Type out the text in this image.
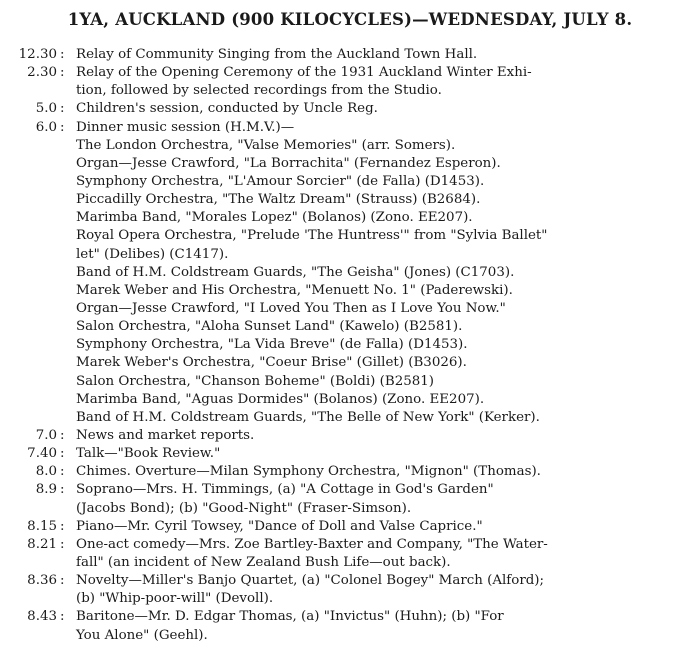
1YA, AUCKLAND (900 KILOCYCLES)—WEDNESDAY, JULY 8.
12.30 : Relay of Community Singing from the Auckland Town Hall.
2.30 : Relay of the Opening Ceremony of the 1931 Auckland Winter Exhi-
tion, followed by selected recordings from the Studio.
5.0 : Children's session, conducted by Uncle Reg.
6.0 : Dinner music session (H.M.V.)—
The London Orchestra, "Valse Memories" (arr. Somers).
Organ—Jesse Crawford, "La Borrachita" (Fernandez Esperon).
Symphony Orchestra, "L'Amour Sorcier" (de Falla) (D1453).
Piccadilly Orchestra, "The Waltz Dream" (Strauss) (B2684).
Marimba Band, "Morales Lopez" (Bolanos) (Zono. EE207).
Royal Opera Orchestra, "Prelude 'The Huntress'" from "Sylvia Ballet"
let" (Delibes) (C1417).
Band of H.M. Coldstream Guards, "The Geisha" (Jones) (C1703).
Marek Weber and His Orchestra, "Menuett No. 1" (Paderewski).
Organ—Jesse Crawford, "I Loved You Then as I Love You Now."
Salon Orchestra, "Aloha Sunset Land" (Kawelo) (B2581).
Symphony Orchestra, "La Vida Breve" (de Falla) (D1453).
Marek Weber's Orchestra, "Coeur Brise" (Gillet) (B3026).
Salon Orchestra, "Chanson Boheme" (Boldi) (B2581)
Marimba Band, "Aguas Dormides" (Bolanos) (Zono. EE207).
Band of H.M. Coldstream Guards, "The Belle of New York" (Kerker).
7.0 : News and market reports.
7.40 : Talk—"Book Review."
8.0 : Chimes. Overture—Milan Symphony Orchestra, "Mignon" (Thomas).
8.9 : Soprano—Mrs. H. Timmings, (a) "A Cottage in God's Garden"
(Jacobs Bond); (b) "Good-Night" (Fraser-Simson).
8.15 : Piano—Mr. Cyril Towsey, "Dance of Doll and Valse Caprice."
8.21 : One-act comedy—Mrs. Zoe Bartley-Baxter and Company, "The Water-
fall" (an incident of New Zealand Bush Life—out back).
8.36 : Novelty—Miller's Banjo Quartet, (a) "Colonel Bogey" March (Alford);
(b) "Whip-poor-will" (Devoll).
8.43 : Baritone—Mr. D. Edgar Thomas, (a) "Invictus" (Huhn); (b) "For
You Alone" (Geehl).
